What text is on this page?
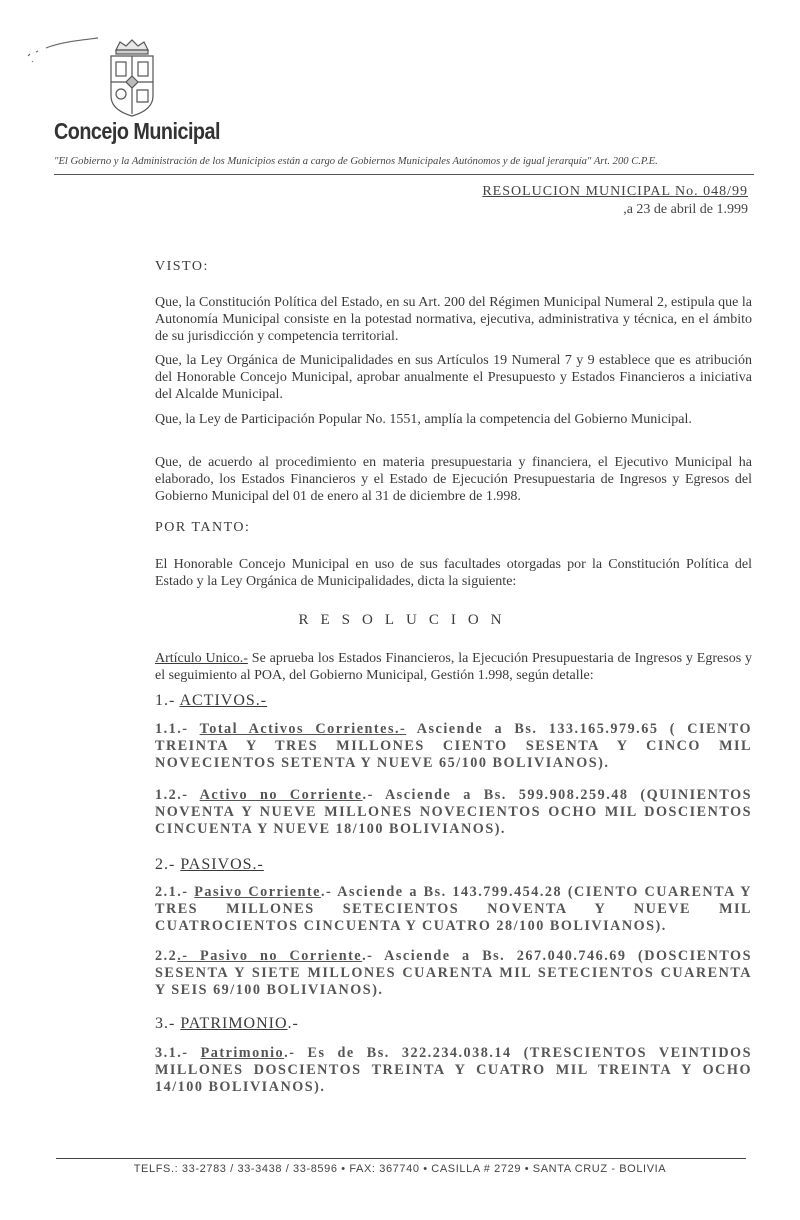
Concejo Municipal
"El Gobierno y la Administración de los Municipios están a cargo de Gobiernos Municipales Autónomos y de igual jerarquía" Art. 200 C.P.E.
RESOLUCION MUNICIPAL No. 048/99
,a 23 de abril de 1.999
VISTO:
Que, la Constitución Política del Estado, en su Art. 200 del Régimen Municipal Numeral 2, estipula que la Autonomía Municipal consiste en la potestad normativa, ejecutiva, administrativa y técnica, en el ámbito de su jurisdicción y competencia territorial.
Que, la Ley Orgánica de Municipalidades en sus Artículos 19 Numeral 7 y 9 establece que es atribución del Honorable Concejo Municipal, aprobar anualmente el Presupuesto y Estados Financieros a iniciativa del Alcalde Municipal.
Que, la Ley de Participación Popular No. 1551, amplía la competencia del Gobierno Municipal.
Que, de acuerdo al procedimiento en materia presupuestaria y financiera, el Ejecutivo Municipal ha elaborado, los Estados Financieros y el Estado de Ejecución Presupuestaria de Ingresos y Egresos del Gobierno Municipal del 01 de enero al 31 de diciembre de 1.998.
POR TANTO:
El Honorable Concejo Municipal en uso de sus facultades otorgadas por la Constitución Política del Estado y la Ley Orgánica de Municipalidades, dicta la siguiente:
RESOLUCION
Artículo Unico.- Se aprueba los Estados Financieros, la Ejecución Presupuestaria de Ingresos y Egresos y el seguimiento al POA, del Gobierno Municipal, Gestión 1.998, según detalle:
1.- ACTIVOS.-
1.1.- Total Activos Corrientes.- Asciende a Bs. 133.165.979.65 ( CIENTO TREINTA Y TRES MILLONES CIENTO SESENTA Y CINCO MIL NOVECIENTOS SETENTA Y NUEVE 65/100 BOLIVIANOS).
1.2.- Activo no Corriente.- Asciende a Bs. 599.908.259.48 (QUINIENTOS NOVENTA Y NUEVE MILLONES NOVECIENTOS OCHO MIL DOSCIENTOS CINCUENTA Y NUEVE 18/100 BOLIVIANOS).
2.- PASIVOS.-
2.1.- Pasivo Corriente.- Asciende a Bs. 143.799.454.28 (CIENTO CUARENTA Y TRES MILLONES SETECIENTOS NOVENTA Y NUEVE MIL CUATROCIENTOS CINCUENTA Y CUATRO 28/100 BOLIVIANOS).
2.2.- Pasivo no Corriente.- Asciende a Bs. 267.040.746.69 (DOSCIENTOS SESENTA Y SIETE MILLONES CUARENTA MIL SETECIENTOS CUARENTA Y SEIS 69/100 BOLIVIANOS).
3.- PATRIMONIO.-
3.1.- Patrimonio.- Es de Bs. 322.234.038.14 (TRESCIENTOS VEINTIDOS MILLONES DOSCIENTOS TREINTA Y CUATRO MIL TREINTA Y OCHO 14/100 BOLIVIANOS).
TELFS.: 33-2783 / 33-3438 / 33-8596 • FAX: 367740 • CASILLA # 2729 • SANTA CRUZ - BOLIVIA
